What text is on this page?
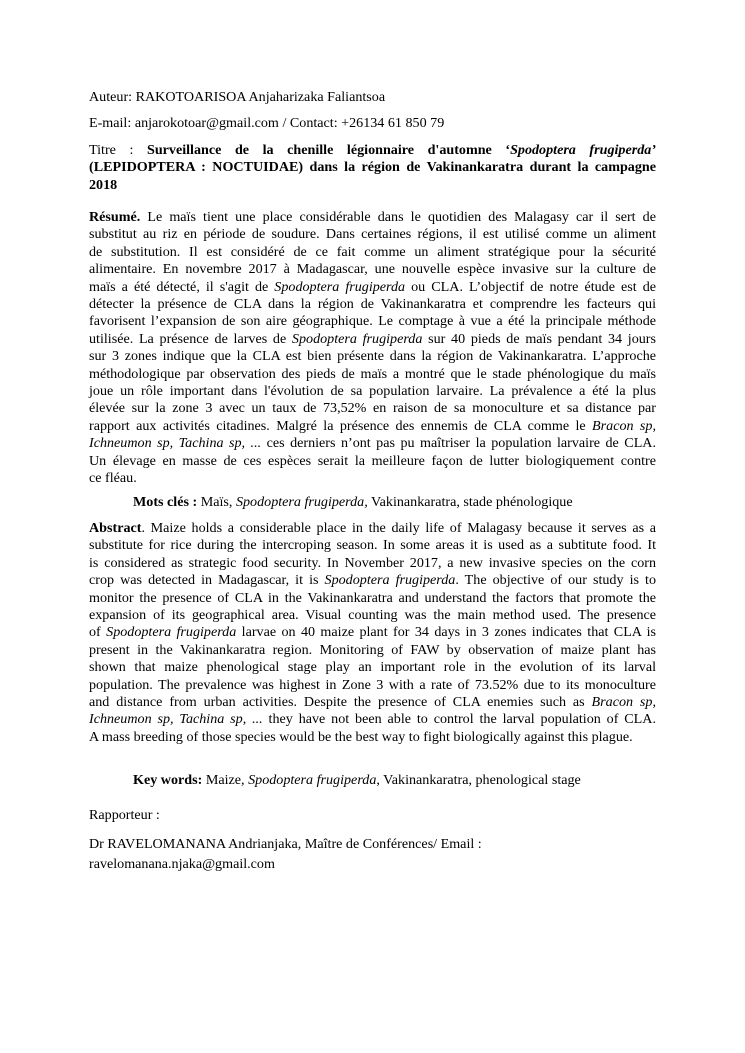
Auteur: RAKOTOARISOA Anjaharizaka Faliantsoa

E-mail: anjarokotoar@gmail.com / Contact: +26134 61 850 79

Titre : Surveillance de la chenille légionnaire d'automne ‘Spodoptera frugiperda’
(LEPIDOPTERA : NOCTUIDAE) dans la région de Vakinankaratra durant la campagne
2018
Résumé. Le maïs tient une place considérable dans le quotidien des Malagasy car il sert de
substitut au riz en période de soudure. Dans certaines régions, il est utilisé comme un aliment
de substitution. Il est considéré de ce fait comme un aliment stratégique pour la sécurité
alimentaire. En novembre 2017 à Madagascar, une nouvelle espèce invasive sur la culture de
maïs a été détecté, il s'agit de Spodoptera frugiperda ou CLA. L’objectif de notre étude est de
détecter la présence de CLA dans la région de Vakinankaratra et comprendre les facteurs qui
favorisent l’expansion de son aire géographique. Le comptage à vue a été la principale méthode
utilisée. La présence de larves de Spodoptera frugiperda sur 40 pieds de maïs pendant 34 jours
sur 3 zones indique que la CLA est bien présente dans la région de Vakinankaratra. L’approche
méthodologique par observation des pieds de maïs a montré que le stade phénologique du maïs
joue un rôle important dans l'évolution de sa population larvaire. La prévalence a été la plus
élevée sur la zone 3 avec un taux de 73,52% en raison de sa monoculture et sa distance par
rapport aux activités citadines. Malgré la présence des ennemis de CLA comme le Bracon sp,
Ichneumon sp, Tachina sp, ... ces derniers n’ont pas pu maîtriser la population larvaire de CLA.
Un élevage en masse de ces espèces serait la meilleure façon de lutter biologiquement contre
ce fléau.

Mots clés : Maïs, Spodoptera frugiperda, Vakinankaratra, stade phénologique

Abstract. Maize holds a considerable place in the daily life of Malagasy because it serves as a
substitute for rice during the intercroping season. In some areas it is used as a subtitute food. It
is considered as strategic food security. In November 2017, a new invasive species on the corn
crop was detected in Madagascar, it is Spodoptera frugiperda. The objective of our study is to
monitor the presence of CLA in the Vakinankaratra and understand the factors that promote the
expansion of its geographical area. Visual counting was the main method used. The presence
of Spodoptera frugiperda larvae on 40 maize plant for 34 days in 3 zones indicates that CLA is
present in the Vakinankaratra region. Monitoring of FAW by observation of maize plant has
shown that maize phenological stage play an important role in the evolution of its larval
population. The prevalence was highest in Zone 3 with a rate of 73.52% due to its monoculture
and distance from urban activities. Despite the presence of CLA enemies such as Bracon sp,
Ichneumon sp, Tachina sp, ... they have not been able to control the larval population of CLA.
A mass breeding of those species would be the best way to fight biologically against this plague.

Key words: Maize, Spodoptera frugiperda, Vakinankaratra, phenological stage

Rapporteur :

Dr RAVELOMANANA Andrianjaka, Maître de Conférences/ Email :

ravelomanana.njaka@gmail.com
